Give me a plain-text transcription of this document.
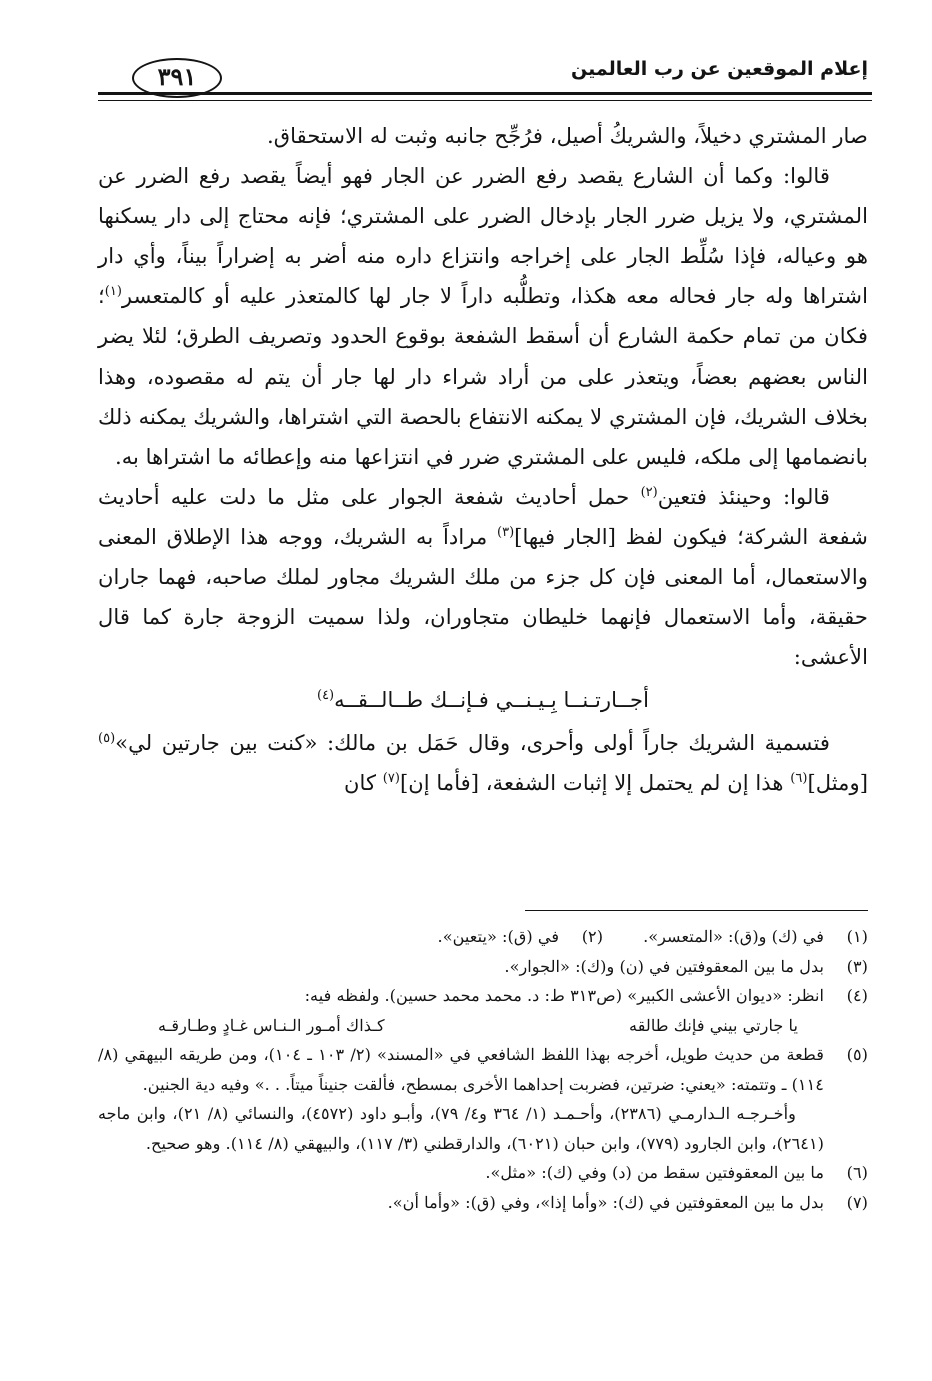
إعلام الموقعين عن رب العالمين
٣٩١

صار المشتري دخيلاً، والشريكُ أصيل، فرُجِّح جانبه وثبت له الاستحقاق.

قالوا: وكما أن الشارع يقصد رفع الضرر عن الجار فهو أيضاً يقصد رفع الضرر عن المشتري، ولا يزيل ضرر الجار بإدخال الضرر على المشتري؛ فإنه محتاج إلى دار يسكنها هو وعياله، فإذا سُلِّط الجار على إخراجه وانتزاع داره منه أضر به إضراراً بيناً، وأي دار اشتراها وله جار فحاله معه هكذا، وتطلُّبه داراً لا جار لها كالمتعذر عليه أو كالمتعسر$^{(١)}$؛ فكان من تمام حكمة الشارع أن أسقط الشفعة بوقوع الحدود وتصريف الطرق؛ لئلا يضر الناس بعضهم بعضاً، ويتعذر على من أراد شراء دار لها جار أن يتم له مقصوده، وهذا بخلاف الشريك، فإن المشتري لا يمكنه الانتفاع بالحصة التي اشتراها، والشريك يمكنه ذلك بانضمامها إلى ملكه، فليس على المشتري ضرر في انتزاعها منه وإعطائه ما اشتراها به.

قالوا: وحينئذ فتعين$^{(٢)}$ حمل أحاديث شفعة الجوار على مثل ما دلت عليه أحاديث شفعة الشركة؛ فيكون لفظ [الجار فيها]$^{(٣)}$ مراداً به الشريك، ووجه هذا الإطلاق المعنى والاستعمال، أما المعنى فإن كل جزء من ملك الشريك مجاور لملك صاحبه، فهما جاران حقيقة، وأما الاستعمال فإنهما خليطان متجاوران، ولذا سميت الزوجة جارة كما قال الأعشى:

أجــارتـنــا بِـيـنــي فـإنــك طــالــقــه$^{(٤)}$

فتسمية الشريك جاراً أولى وأحرى، وقال حَمَل بن مالك: «كنت بين جارتين لي»$^{(٥)}$ [ومثل]$^{(٦)}$ هذا إن لم يحتمل إلا إثبات الشفعة، [فأما إن]$^{(٧)}$ كان

(١)
في (ك) و(ق): «المتعسر».
(٢)
في (ق): «يتعين».
(٣)
بدل ما بين المعقوفتين في (ن) و(ك): «الجوار».
(٤)
انظر: «ديوان الأعشى الكبير» (ص٣١٣ ط: د. محمد محمد حسين). ولفظه فيه:
يا جارتي بيني فإنك طالقه
كـذاك أمـور الـنـاس غـادٍ وطـارقـه
(٥)
قطعة من حديث طويل، أخرجه بهذا اللفظ الشافعي في «المسند» (٢/ ١٠٣ ـ ١٠٤)، ومن طريقه البيهقي (٨/ ١١٤) ـ وتتمته: «يعني: ضرتين، فضربت إحداهما الأخرى بمسطح، فألقت جنيناً ميتاً. . .» وفيه دية الجنين.
وأخـرجـه الـدارمـي (٢٣٨٦)، وأحـمـد (١/ ٣٦٤ و٤/ ٧٩)، وأبـو داود (٤٥٧٢)، والنسائي (٨/ ٢١)، وابن ماجه (٢٦٤١)، وابن الجارود (٧٧٩)، وابن حبان (٦٠٢١)، والدارقطني (٣/ ١١٧)، والبيهقي (٨/ ١١٤). وهو صحيح.
(٦)
ما بين المعقوفتين سقط من (د) وفي (ك): «مثل».
(٧)
بدل ما بين المعقوفتين في (ك): «وأما إذا»، وفي (ق): «وأما أن».
